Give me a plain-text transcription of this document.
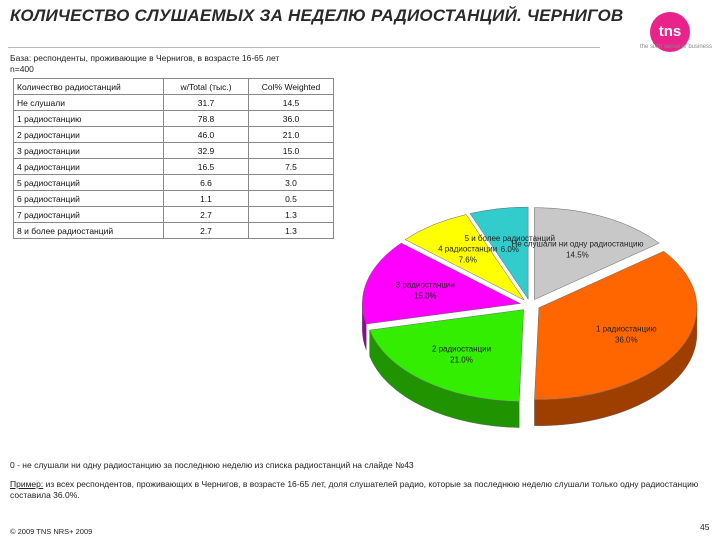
КОЛИЧЕСТВО СЛУШАЕМЫХ ЗА НЕДЕЛЮ РАДИОСТАНЦИЙ. ЧЕРНИГОВ
tns
the sixth sense of business
База: респонденты, проживающие в Чернигов, в возрасте 16-65 лет
n=400
Количество радиостанций	w/Total (тыс.)	Col% Weighted
Не слушали	31.7	14.5
1 радиостанцию	78.8	36.0
2 радиостанции	46.0	21.0
3 радиостанции	32.9	15.0
4 радиостанции	16.5	7.5
5 радиостанций	6.6	3.0
6 радиостанций	1.1	0.5
7 радиостанций	2.7	1.3
8 и более радиостанций	2.7	1.3
Не слушали ни одну радиостанцию 14.5%
1 радиостанцию 36.0%
2 радиостанции 21.0%
3 радиостанции 15.0%
4 радиостанции 7.6%
5 и более радиостанций 6.0%
0 - не слушали ни одну радиостанцию за последнюю неделю из списка радиостанций на слайде №43
Пример: из всех респондентов, проживающих в Чернигов, в возрасте 16-65 лет, доля слушателей радио, которые за последнюю неделю слушали только одну радиостанцию составила 36.0%.
© 2009 TNS NRS+ 2009	45
